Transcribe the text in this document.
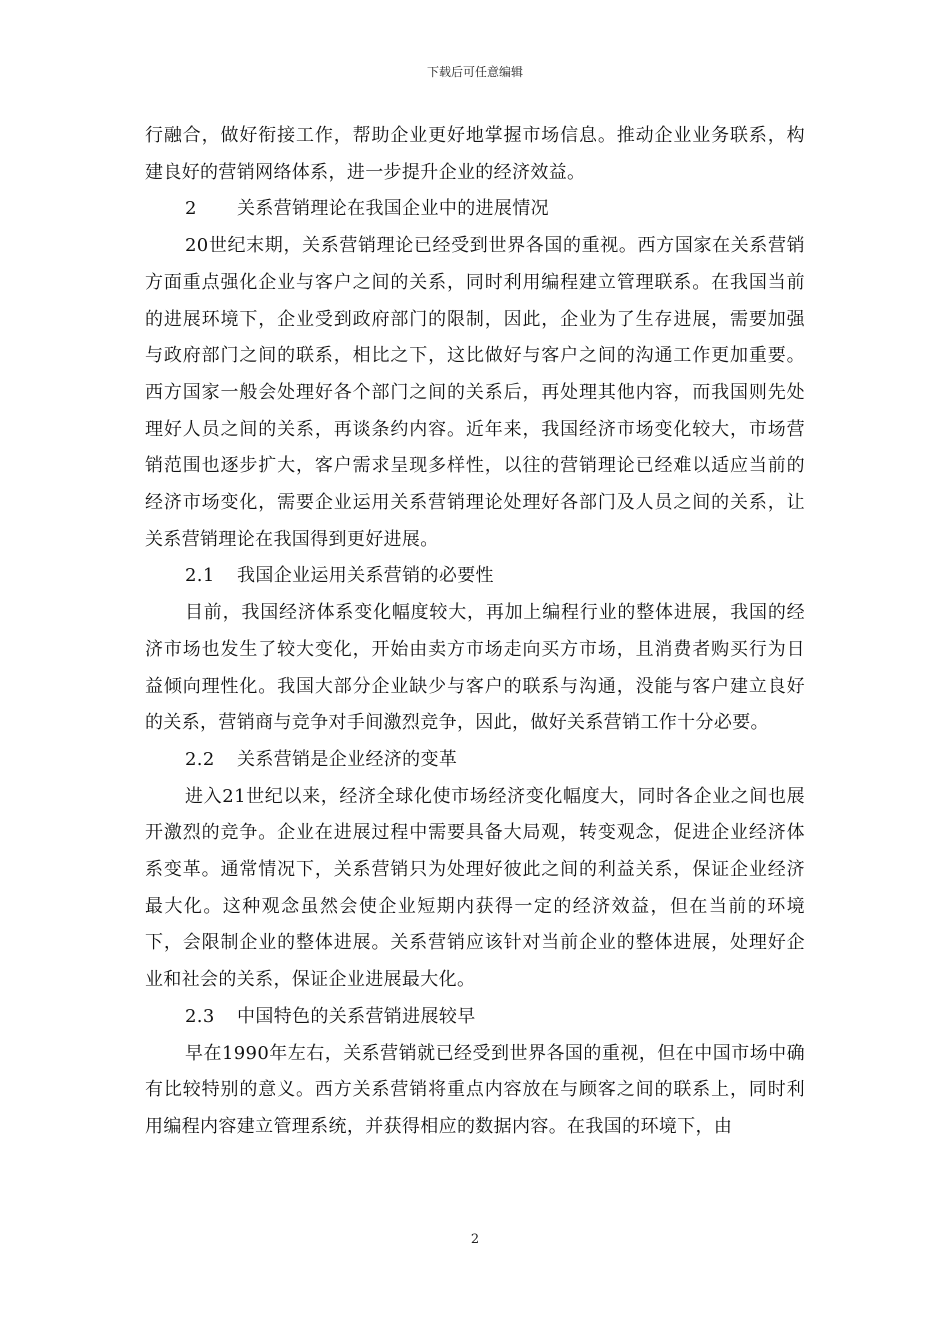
下载后可任意编辑

行融合，做好衔接工作，帮助企业更好地掌握市场信息。推动企业业务联系，构建良好的营销网络体系，进一步提升企业的经济效益。

2 关系营销理论在我国企业中的进展情况

20世纪末期，关系营销理论已经受到世界各国的重视。西方国家在关系营销方面重点强化企业与客户之间的关系，同时利用编程建立管理联系。在我国当前的进展环境下，企业受到政府部门的限制，因此，企业为了生存进展，需要加强与政府部门之间的联系，相比之下，这比做好与客户之间的沟通工作更加重要。西方国家一般会处理好各个部门之间的关系后，再处理其他内容，而我国则先处理好人员之间的关系，再谈条约内容。近年来，我国经济市场变化较大，市场营销范围也逐步扩大，客户需求呈现多样性，以往的营销理论已经难以适应当前的经济市场变化，需要企业运用关系营销理论处理好各部门及人员之间的关系，让关系营销理论在我国得到更好进展。

2.1 我国企业运用关系营销的必要性

目前，我国经济体系变化幅度较大，再加上编程行业的整体进展，我国的经济市场也发生了较大变化，开始由卖方市场走向买方市场，且消费者购买行为日益倾向理性化。我国大部分企业缺少与客户的联系与沟通，没能与客户建立良好的关系，营销商与竞争对手间激烈竞争，因此，做好关系营销工作十分必要。

2.2 关系营销是企业经济的变革

进入21世纪以来，经济全球化使市场经济变化幅度大，同时各企业之间也展开激烈的竞争。企业在进展过程中需要具备大局观，转变观念，促进企业经济体系变革。通常情况下，关系营销只为处理好彼此之间的利益关系，保证企业经济最大化。这种观念虽然会使企业短期内获得一定的经济效益，但在当前的环境下，会限制企业的整体进展。关系营销应该针对当前企业的整体进展，处理好企业和社会的关系，保证企业进展最大化。

2.3 中国特色的关系营销进展较早

早在1990年左右，关系营销就已经受到世界各国的重视，但在中国市场中确有比较特别的意义。西方关系营销将重点内容放在与顾客之间的联系上，同时利用编程内容建立管理系统，并获得相应的数据内容。在我国的环境下，由

2
